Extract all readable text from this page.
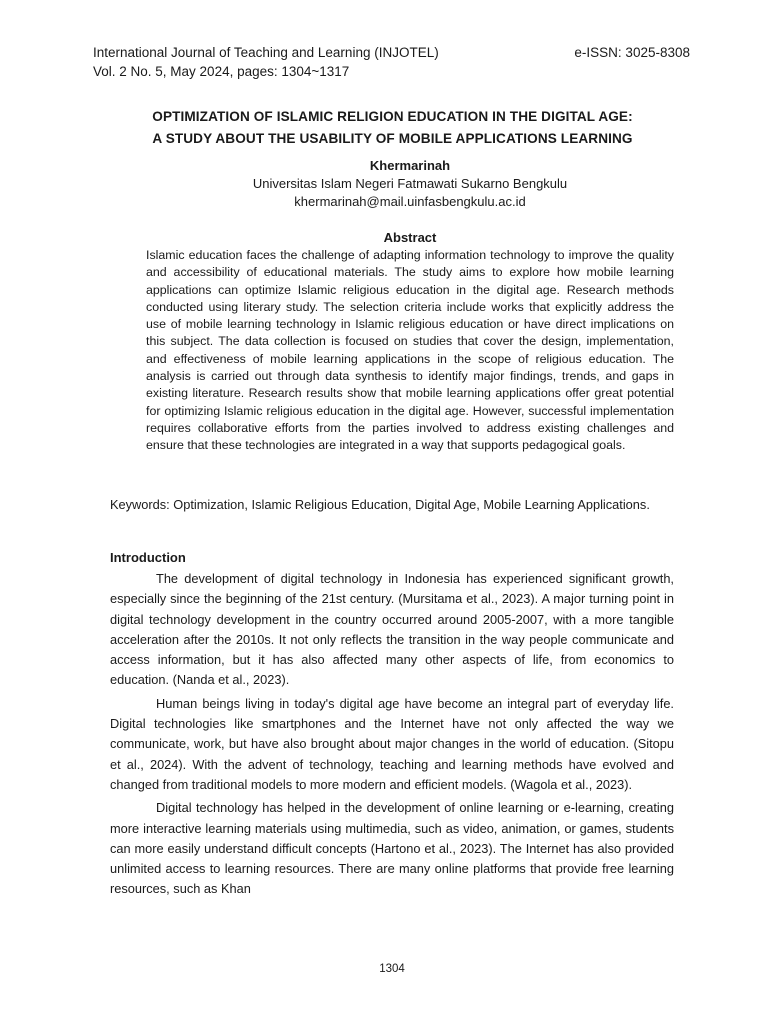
International Journal of Teaching and Learning (INJOTEL)	e-ISSN: 3025-8308
Vol. 2 No. 5, May 2024, pages: 1304~1317
OPTIMIZATION OF ISLAMIC RELIGION EDUCATION IN THE DIGITAL AGE:
A STUDY ABOUT THE USABILITY OF MOBILE APPLICATIONS LEARNING
Khermarinah
Universitas Islam Negeri Fatmawati Sukarno Bengkulu
khermarinah@mail.uinfasbengkulu.ac.id
Abstract
Islamic education faces the challenge of adapting information technology to improve the quality and accessibility of educational materials. The study aims to explore how mobile learning applications can optimize Islamic religious education in the digital age. Research methods conducted using literary study. The selection criteria include works that explicitly address the use of mobile learning technology in Islamic religious education or have direct implications on this subject. The data collection is focused on studies that cover the design, implementation, and effectiveness of mobile learning applications in the scope of religious education. The analysis is carried out through data synthesis to identify major findings, trends, and gaps in existing literature. Research results show that mobile learning applications offer great potential for optimizing Islamic religious education in the digital age. However, successful implementation requires collaborative efforts from the parties involved to address existing challenges and ensure that these technologies are integrated in a way that supports pedagogical goals.
Keywords: Optimization, Islamic Religious Education, Digital Age, Mobile Learning Applications.
Introduction

The development of digital technology in Indonesia has experienced significant growth, especially since the beginning of the 21st century. (Mursitama et al., 2023). A major turning point in digital technology development in the country occurred around 2005-2007, with a more tangible acceleration after the 2010s. It not only reflects the transition in the way people communicate and access information, but it has also affected many other aspects of life, from economics to education. (Nanda et al., 2023).

Human beings living in today's digital age have become an integral part of everyday life. Digital technologies like smartphones and the Internet have not only affected the way we communicate, work, but have also brought about major changes in the world of education. (Sitopu et al., 2024). With the advent of technology, teaching and learning methods have evolved and changed from traditional models to more modern and efficient models. (Wagola et al., 2023).

Digital technology has helped in the development of online learning or e-learning, creating more interactive learning materials using multimedia, such as video, animation, or games, students can more easily understand difficult concepts (Hartono et al., 2023). The Internet has also provided unlimited access to learning resources. There are many online platforms that provide free learning resources, such as Khan

1304
